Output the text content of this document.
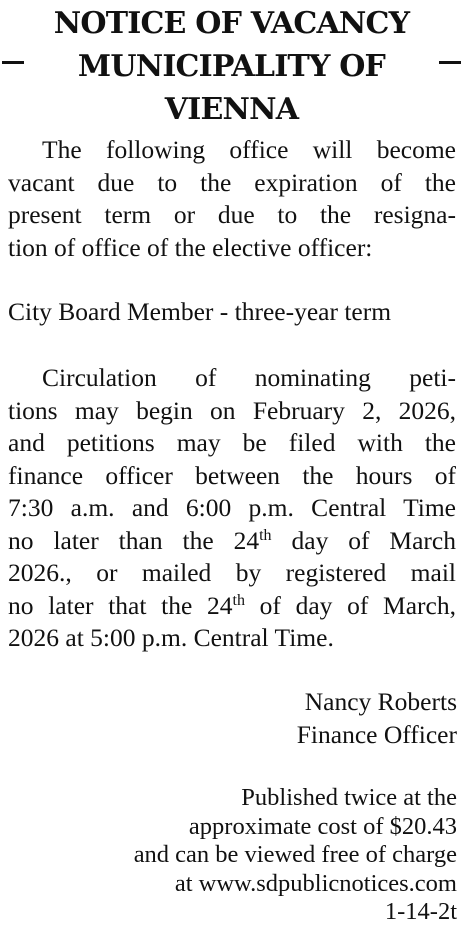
NOTICE OF VACANCY
MUNICIPALITY OF
VIENNA

The following office will become
vacant due to the expiration of the
present term or due to the resigna-
tion of office of the elective officer:

City Board Member - three-year term

Circulation of nominating peti-
tions may begin on February 2, 2026,
and petitions may be filed with the
finance officer between the hours of
7:30 a.m. and 6:00 p.m. Central Time
no later than the 24th day of March
2026., or mailed by registered mail
no later that the 24th of day of March,
2026 at 5:00 p.m. Central Time.

Nancy Roberts
Finance Officer
Published twice at the
approximate cost of $20.43
and can be viewed free of charge
at www.sdpublicnotices.com
1-14-2t
